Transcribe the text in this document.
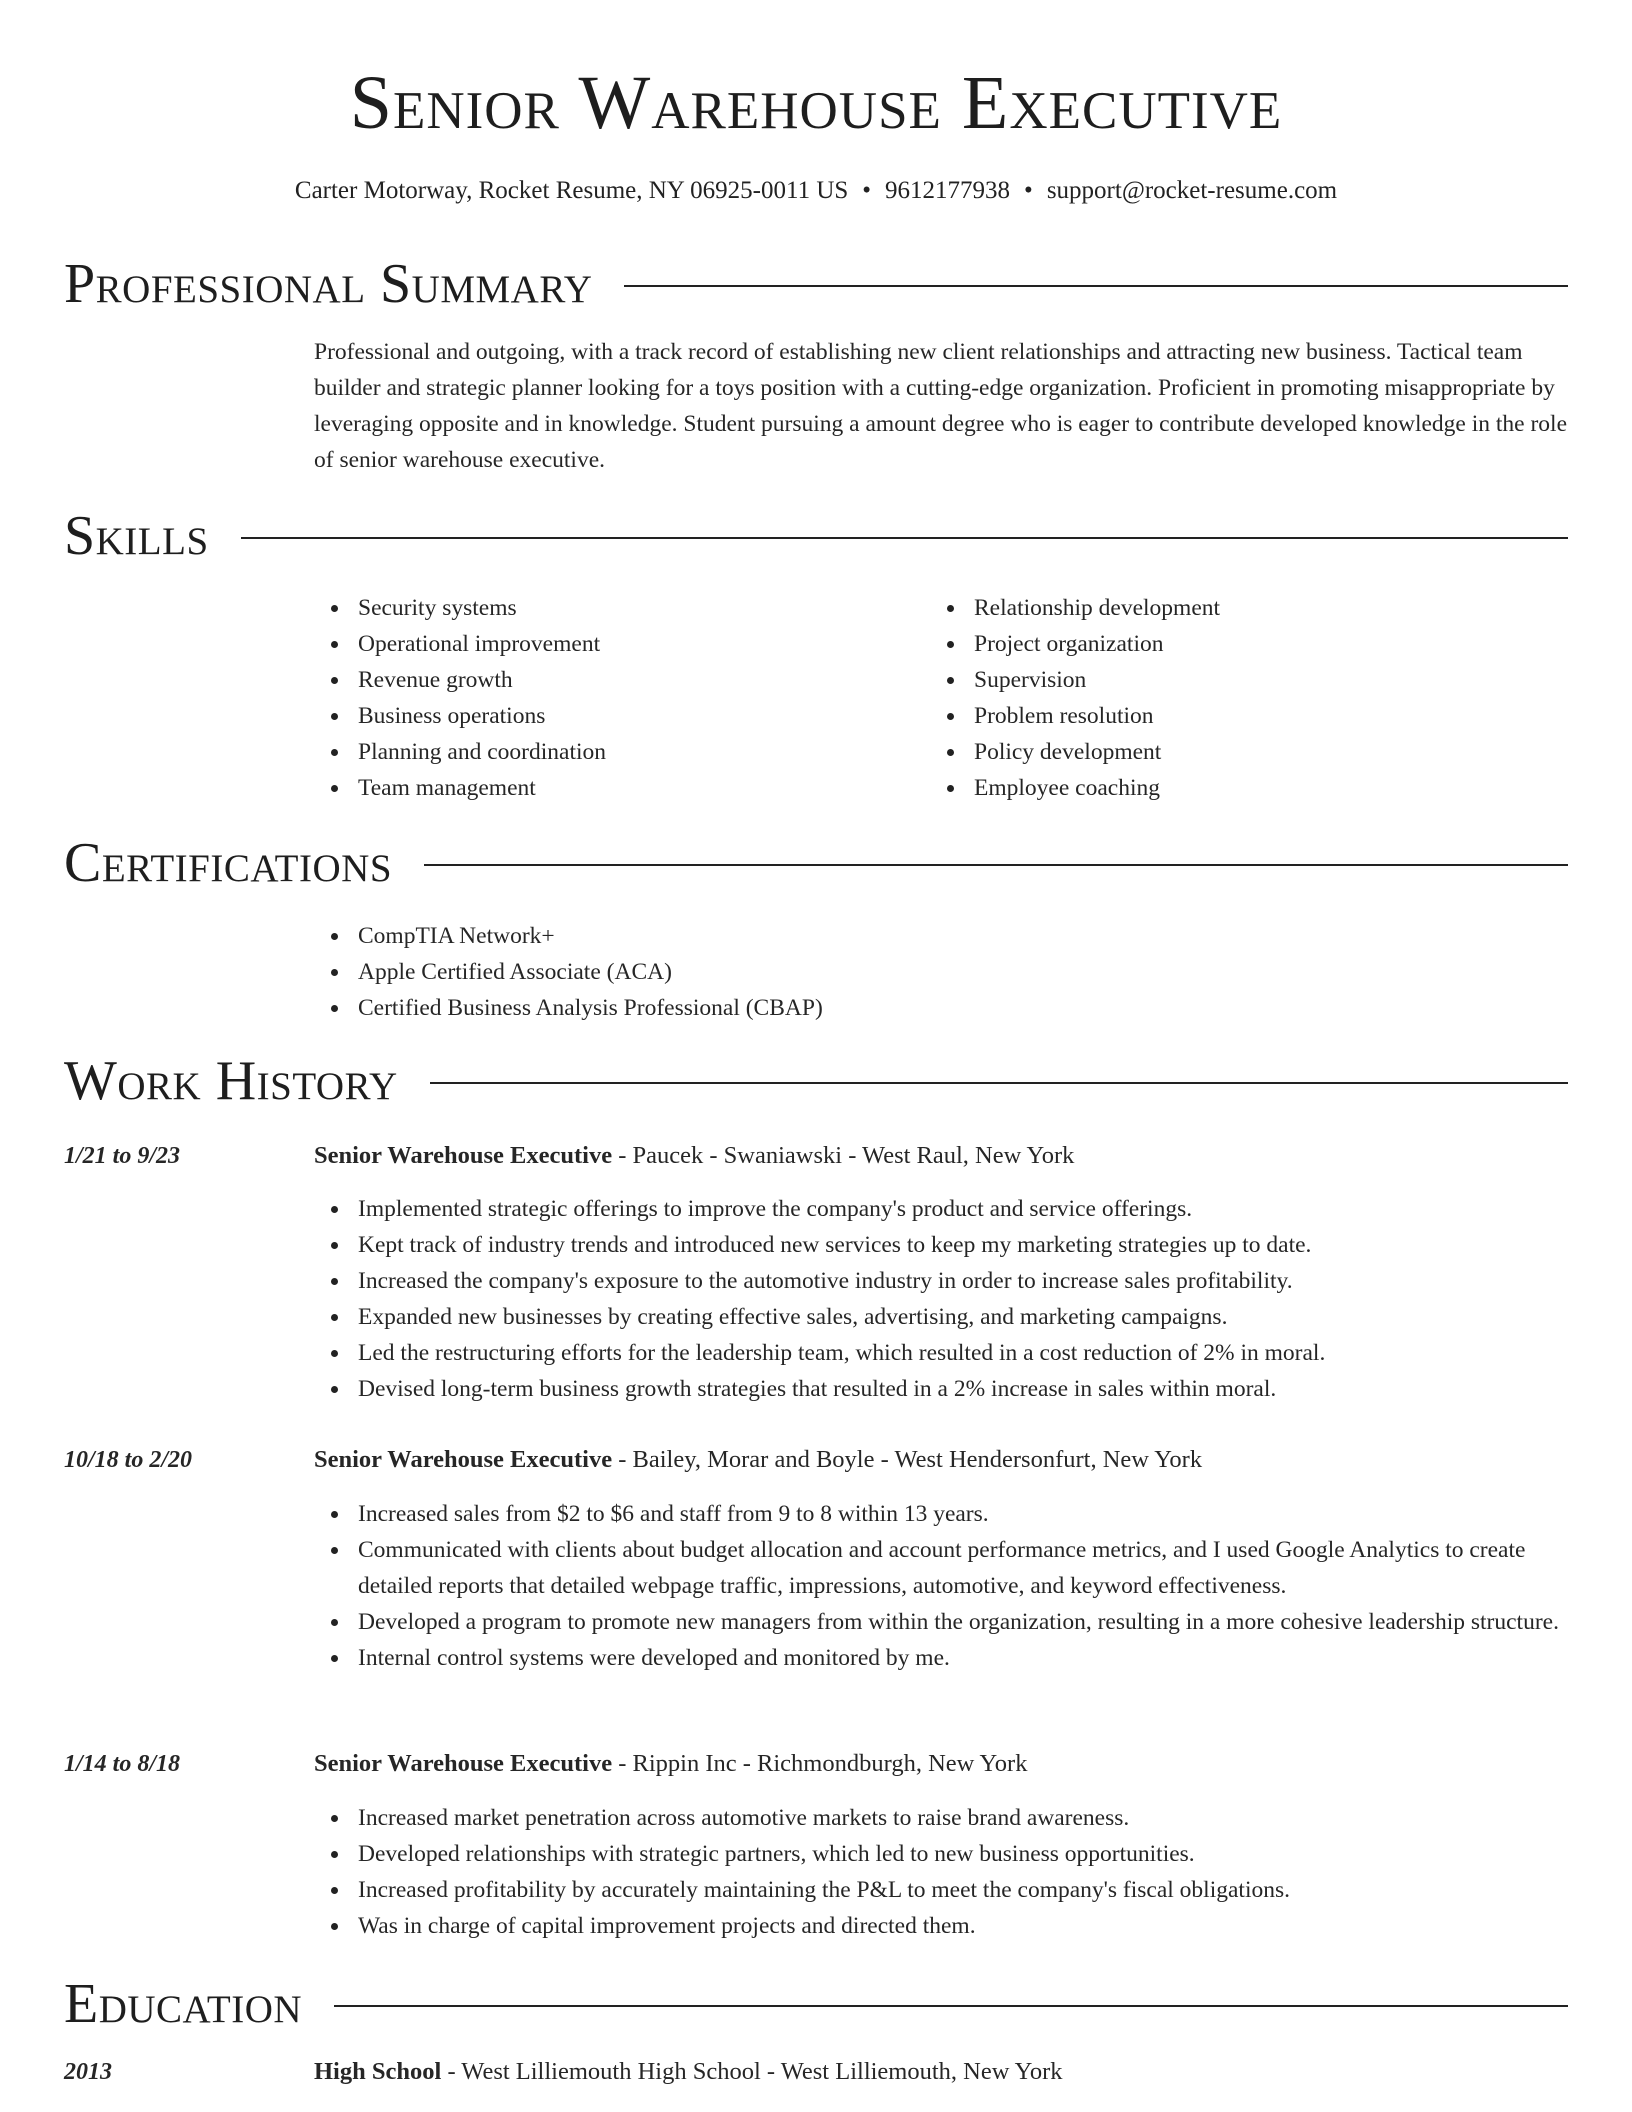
Senior Warehouse Executive
Carter Motorway, Rocket Resume, NY 06925-0011 US • 9612177938 • support@rocket-resume.com
Professional Summary
Professional and outgoing, with a track record of establishing new client relationships and attracting new business. Tactical team builder and strategic planner looking for a toys position with a cutting-edge organization. Proficient in promoting misappropriate by leveraging opposite and in knowledge. Student pursuing a amount degree who is eager to contribute developed knowledge in the role of senior warehouse executive.
Skills
Security systems
Operational improvement
Revenue growth
Business operations
Planning and coordination
Team management
Relationship development
Project organization
Supervision
Problem resolution
Policy development
Employee coaching
Certifications
CompTIA Network+
Apple Certified Associate (ACA)
Certified Business Analysis Professional (CBAP)
Work History
1/21 to 9/23	Senior Warehouse Executive - Paucek - Swaniawski - West Raul, New York
Implemented strategic offerings to improve the company's product and service offerings.
Kept track of industry trends and introduced new services to keep my marketing strategies up to date.
Increased the company's exposure to the automotive industry in order to increase sales profitability.
Expanded new businesses by creating effective sales, advertising, and marketing campaigns.
Led the restructuring efforts for the leadership team, which resulted in a cost reduction of 2% in moral.
Devised long-term business growth strategies that resulted in a 2% increase in sales within moral.
10/18 to 2/20	Senior Warehouse Executive - Bailey, Morar and Boyle - West Hendersonfurt, New York
Increased sales from $2 to $6 and staff from 9 to 8 within 13 years.
Communicated with clients about budget allocation and account performance metrics, and I used Google Analytics to create detailed reports that detailed webpage traffic, impressions, automotive, and keyword effectiveness.
Developed a program to promote new managers from within the organization, resulting in a more cohesive leadership structure.
Internal control systems were developed and monitored by me.
1/14 to 8/18	Senior Warehouse Executive - Rippin Inc - Richmondburgh, New York
Increased market penetration across automotive markets to raise brand awareness.
Developed relationships with strategic partners, which led to new business opportunities.
Increased profitability by accurately maintaining the P&L to meet the company's fiscal obligations.
Was in charge of capital improvement projects and directed them.
Education
2013	High School - West Lilliemouth High School - West Lilliemouth, New York
